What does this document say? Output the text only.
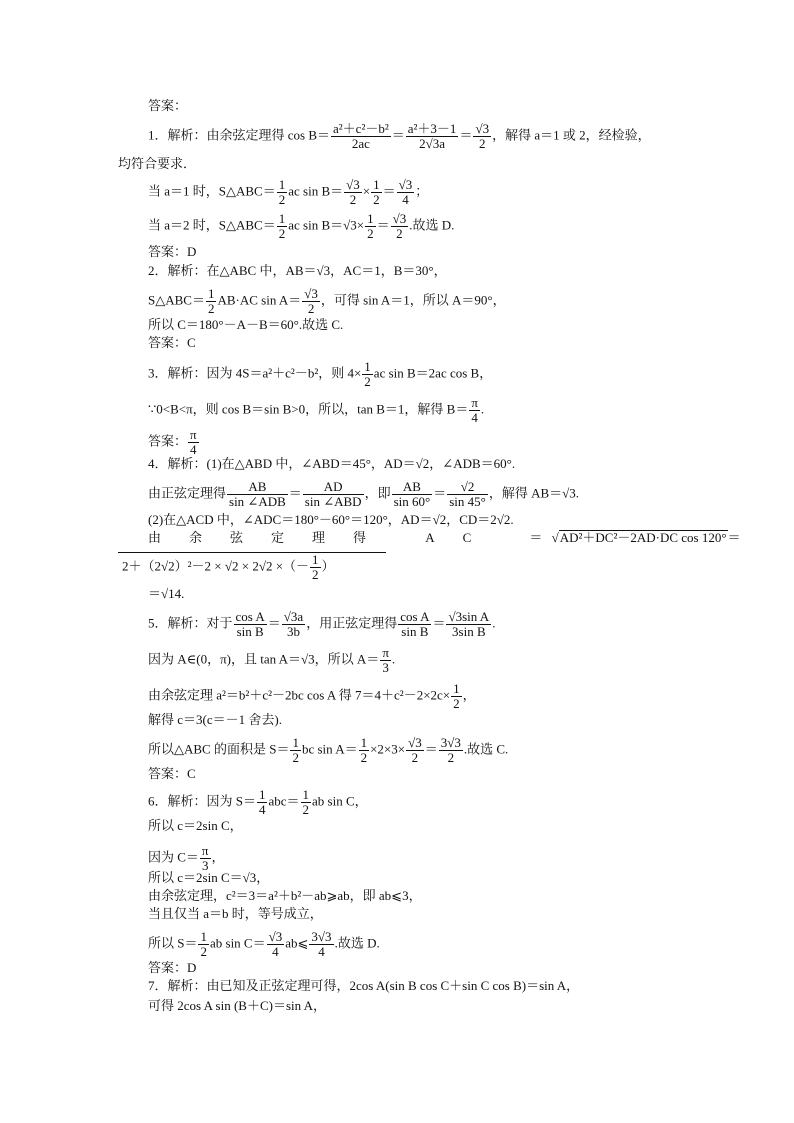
答案：
1．解析：由余弦定理得 $\cos B= \frac{\text{a²＋c²－b²}}{2ac} = \frac{\text{a²＋3－1}}{2√3a} = \frac{√3}{2}$ ，解得 a＝1 或 2，经检验，
均符合要求．
当 a＝1 时，S△ABC＝ $\frac{1}{2}$ ac $\sin B= \frac{√3}{2} \times \frac{1}{2} = \frac{√3}{4}$ ；
当 a＝2 时，S△ABC＝ $\frac{1}{2}$ ac $\sin B=√3\times \frac{1}{2} = \frac{√3}{2}$ .故选 D.
答案：D
2．解析：在△ABC 中，AB＝√3，AC＝1，B＝30°，
S△ABC＝ $\frac{1}{2} AB\cdot AC$ $\sin A= \frac{√3}{2}$ ，可得 sin A＝1，所以 A＝90°，
所以 C＝180°－A－B＝60°.故选 C.
答案：C
3．解析：因为 4S＝a²＋c²－b²，则 $4\times \frac{1}{2}$ ac sin B＝2ac cos B，
∵0<B<π，则 cos B＝sin B>0，所以，tan B＝1，解得 $B= \frac{\pi}{4}$ .
答案： $\frac{\pi}{4}$
4．解析：(1)在△ABD 中，∠ABD＝45°，AD＝√2，∠ADB＝60°.
由正弦定理得 $\frac{AB}{\text{sin ∠ADB}} = \frac{AD}{\text{sin ∠ABD}}$ ，即 $\frac{AB}{\sin 60^\circ} = \frac{√2}{\sin 45^\circ}$ ，解得 AB＝√3.
(2)在△ACD 中，∠ADC＝180°－60°＝120°，AD＝√2，CD＝2√2.
由余弦定理得 AC ＝ √AD²＋DC²－2AD·DC cos 120°＝
2＋（2√2）²－2 × √2 × 2√2 ×（－ $\frac{1}{2}$ ）
＝√14.
5．解析：对于 $\frac{\text{cos A}}{\text{sin B}} = \frac{√3a}{3b}$ ，用正弦定理得 $\frac{\text{cos A}}{\text{sin B}} = \frac{\text{√3sin A}}{\text{3sin B}}$ .
因为 A∈(0，π)，且 tan A＝√3，所以 $A= \frac{\pi}{3}$ .
由余弦定理 a²＝b²＋c²－2bc cos A 得 $7=4+c^2-2\times 2c\times \frac{1}{2}$ ，
解得 c＝3(c＝－1 舍去).
所以△ABC 的面积是 $S= \frac{1}{2}$ bc $\sin A= \frac{1}{2} \times 2\times 3\times \frac{√3}{2} = \frac{3√3}{2}$ .故选 C.
答案：C
6．解析：因为 $S= \frac{1}{4} abc= \frac{1}{2}$ ab sin C，
所以 c＝2sin C，
因为 $C= \frac{\pi}{3}$ ，
所以 c＝2sin C＝√3，
由余弦定理，c²＝3＝a²＋b²－ab⩾ab，即 ab⩽3，
当且仅当 a＝b 时，等号成立，
所以 $S= \frac{1}{2}$ ab $\sin C= \frac{√3}{4}$ ab⩽ $\frac{3√3}{4}$ .故选 D.
答案：D
7．解析：由已知及正弦定理可得，2cos A(sin B cos C＋sin C cos B)＝sin A，
可得 2cos A sin (B＋C)＝sin A，
